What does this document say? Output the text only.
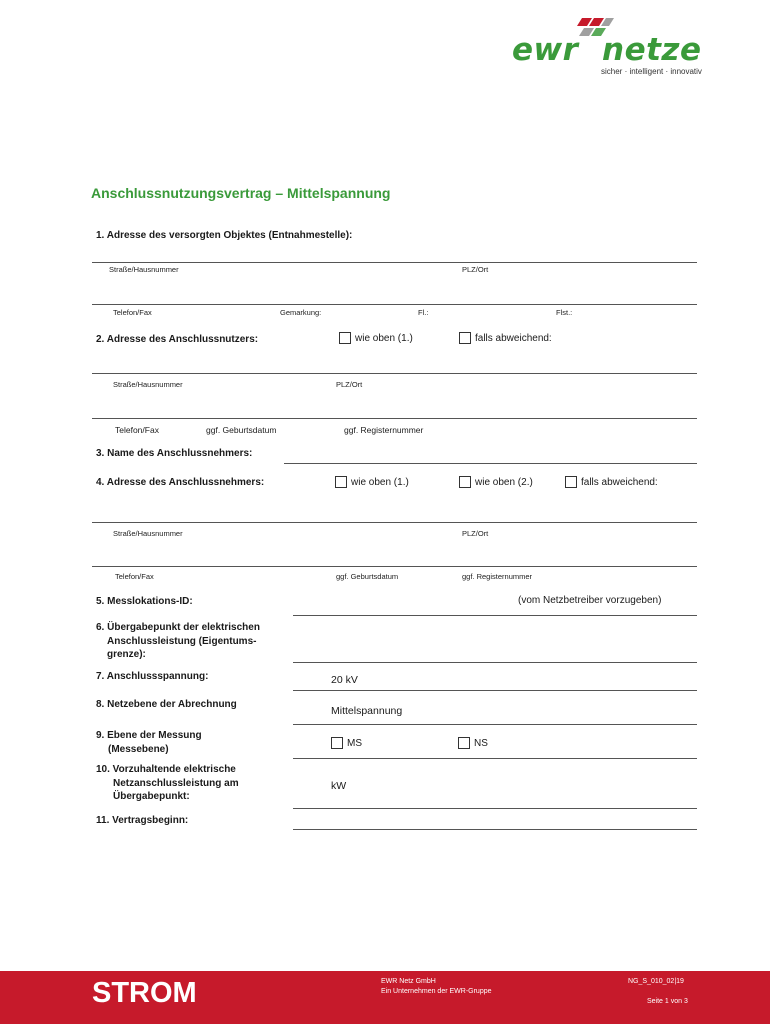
ewr netze
sicher · intelligent · innovativ
Anschlussnutzungsvertrag – Mittelspannung
1. Adresse des versorgten Objektes (Entnahmestelle):
Straße/Hausnummer	PLZ/Ort
Telefon/Fax	Gemarkung:	Fl.:	Flst.:
2. Adresse des Anschlussnutzers:	wie oben (1.)	falls abweichend:
Straße/Hausnummer	PLZ/Ort
Telefon/Fax	ggf. Geburtsdatum	ggf. Registernummer
3. Name des Anschlussnehmers:
4. Adresse des Anschlussnehmers:	wie oben (1.)	wie oben (2.)	falls abweichend:
Straße/Hausnummer	PLZ/Ort
Telefon/Fax	ggf. Geburtsdatum	ggf. Registernummer
5. Messlokations-ID:	(vom Netzbetreiber vorzugeben)
6. Übergabepunkt der elektrischen
Anschlussleistung (Eigentums-
grenze):
7. Anschlussspannung:	20 kV
8. Netzebene der Abrechnung
Mittelspannung
9. Ebene der Messung
(Messebene)	MS	NS
10. Vorzuhaltende elektrische
Netzanschlussleistung am
Übergabepunkt:
kW
11. Vertragsbeginn:
STROM	EWR Netz GmbH
Ein Unternehmen der EWR-Gruppe
NG_S_010_02|19
Seite 1 von 3
